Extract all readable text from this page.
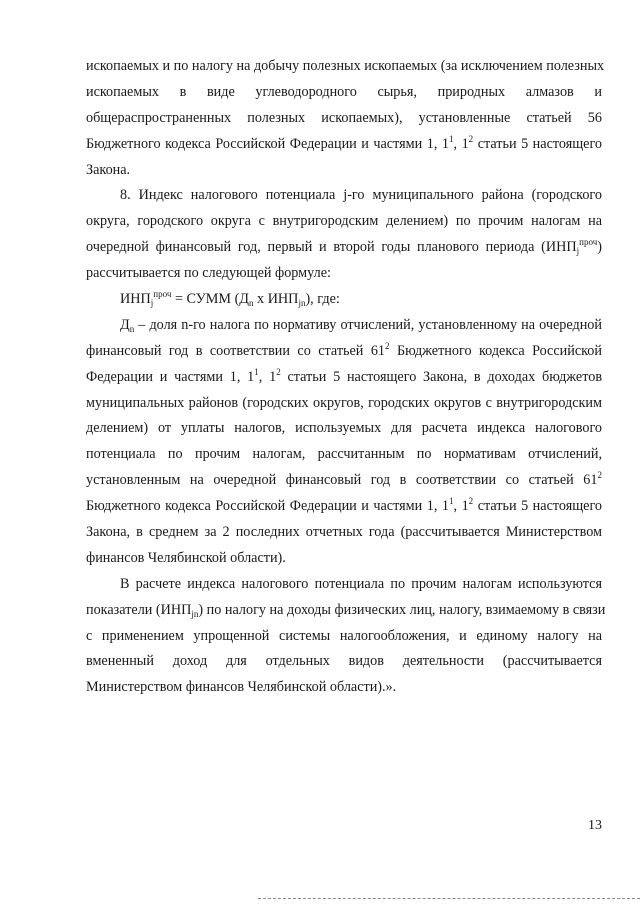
ископаемых и по налогу на добычу полезных ископаемых (за исключением полезных
ископаемых в виде углеводородного сырья, природных алмазов и
общераспространенных полезных ископаемых), установленные статьей 56
Бюджетного кодекса Российской Федерации и частями 1, $1^1$, $1^2$ статьи 5 настоящего
Закона.
8. Индекс налогового потенциала j-го муниципального района (городского
округа, городского округа с внутригородским делением) по прочим налогам на
очередной финансовый год, первый и второй годы планового периода $(ИНП_j^{проч})$
рассчитывается по следующей формуле:
$ИНП_j^{проч}$ = СУММ ($Д_n$ x $ИНП_{jn}$), где:
$Д_n$ – доля n-го налога по нормативу отчислений, установленному на очередной
финансовый год в соответствии со статьей $61^2$ Бюджетного кодекса Российской
Федерации и частями 1, $1^1$, $1^2$ статьи 5 настоящего Закона, в доходах бюджетов
муниципальных районов (городских округов, городских округов с внутригородским
делением) от уплаты налогов, используемых для расчета индекса налогового
потенциала по прочим налогам, рассчитанным по нормативам отчислений,
установленным на очередной финансовый год в соответствии со статьей $61^2$
Бюджетного кодекса Российской Федерации и частями 1, $1^1$, $1^2$ статьи 5 настоящего
Закона, в среднем за 2 последних отчетных года (рассчитывается Министерством
финансов Челябинской области).
В расчете индекса налогового потенциала по прочим налогам используются
показатели $(ИНП_{jn})$ по налогу на доходы физических лиц, налогу, взимаемому в связи
с применением упрощенной системы налогообложения, и единому налогу на
вмененный доход для отдельных видов деятельности (рассчитывается
Министерством финансов Челябинской области).».
13
